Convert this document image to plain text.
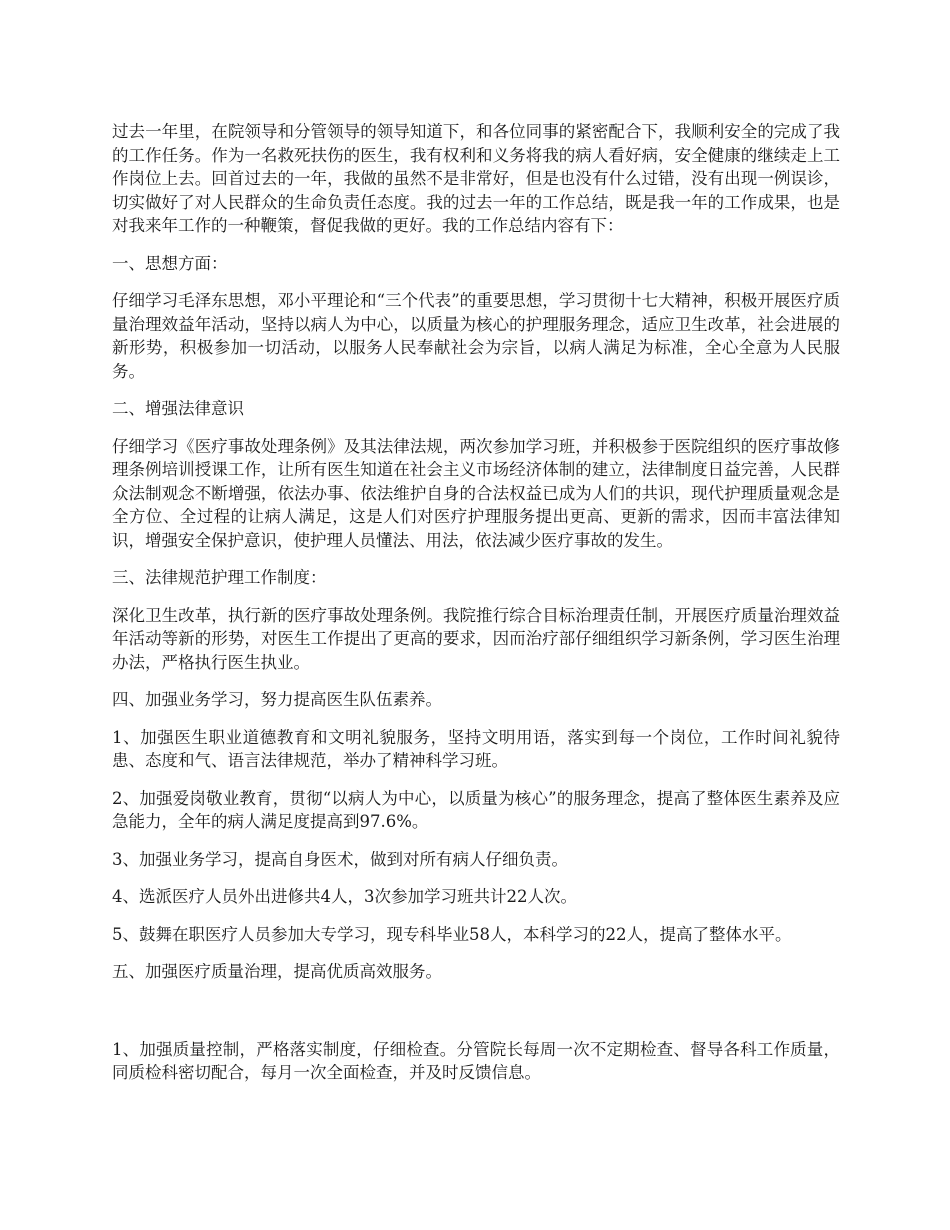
过去一年里，在院领导和分管领导的领导知道下，和各位同事的紧密配合下，我顺利安全的完成了我的工作任务。作为一名救死扶伤的医生，我有权利和义务将我的病人看好病，安全健康的继续走上工作岗位上去。回首过去的一年，我做的虽然不是非常好，但是也没有什么过错，没有出现一例误诊，切实做好了对人民群众的生命负责任态度。我的过去一年的工作总结，既是我一年的工作成果，也是对我来年工作的一种鞭策，督促我做的更好。我的工作总结内容有下：

一、思想方面：

仔细学习毛泽东思想，邓小平理论和“三个代表”的重要思想，学习贯彻十七大精神，积极开展医疗质量治理效益年活动，坚持以病人为中心，以质量为核心的护理服务理念，适应卫生改革，社会进展的新形势，积极参加一切活动，以服务人民奉献社会为宗旨，以病人满足为标准，全心全意为人民服务。

二、增强法律意识

仔细学习《医疗事故处理条例》及其法律法规，两次参加学习班，并积极参于医院组织的医疗事故修理条例培训授课工作，让所有医生知道在社会主义市场经济体制的建立，法律制度日益完善，人民群众法制观念不断增强，依法办事、依法维护自身的合法权益已成为人们的共识，现代护理质量观念是全方位、全过程的让病人满足，这是人们对医疗护理服务提出更高、更新的需求，因而丰富法律知识，增强安全保护意识，使护理人员懂法、用法，依法减少医疗事故的发生。

三、法律规范护理工作制度：

深化卫生改革，执行新的医疗事故处理条例。我院推行综合目标治理责任制，开展医疗质量治理效益年活动等新的形势，对医生工作提出了更高的要求，因而治疗部仔细组织学习新条例，学习医生治理办法，严格执行医生执业。

四、加强业务学习，努力提高医生队伍素养。

1、加强医生职业道德教育和文明礼貌服务，坚持文明用语，落实到每一个岗位，工作时间礼貌待患、态度和气、语言法律规范，举办了精神科学习班。

2、加强爱岗敬业教育，贯彻“以病人为中心，以质量为核心”的服务理念，提高了整体医生素养及应急能力，全年的病人满足度提高到97.6%。

3、加强业务学习，提高自身医术，做到对所有病人仔细负责。

4、选派医疗人员外出进修共4人，3次参加学习班共计22人次。

5、鼓舞在职医疗人员参加大专学习，现专科毕业58人，本科学习的22人，提高了整体水平。

五、加强医疗质量治理，提高优质高效服务。

1、加强质量控制，严格落实制度，仔细检查。分管院长每周一次不定期检查、督导各科工作质量，同质检科密切配合，每月一次全面检查，并及时反馈信息。
